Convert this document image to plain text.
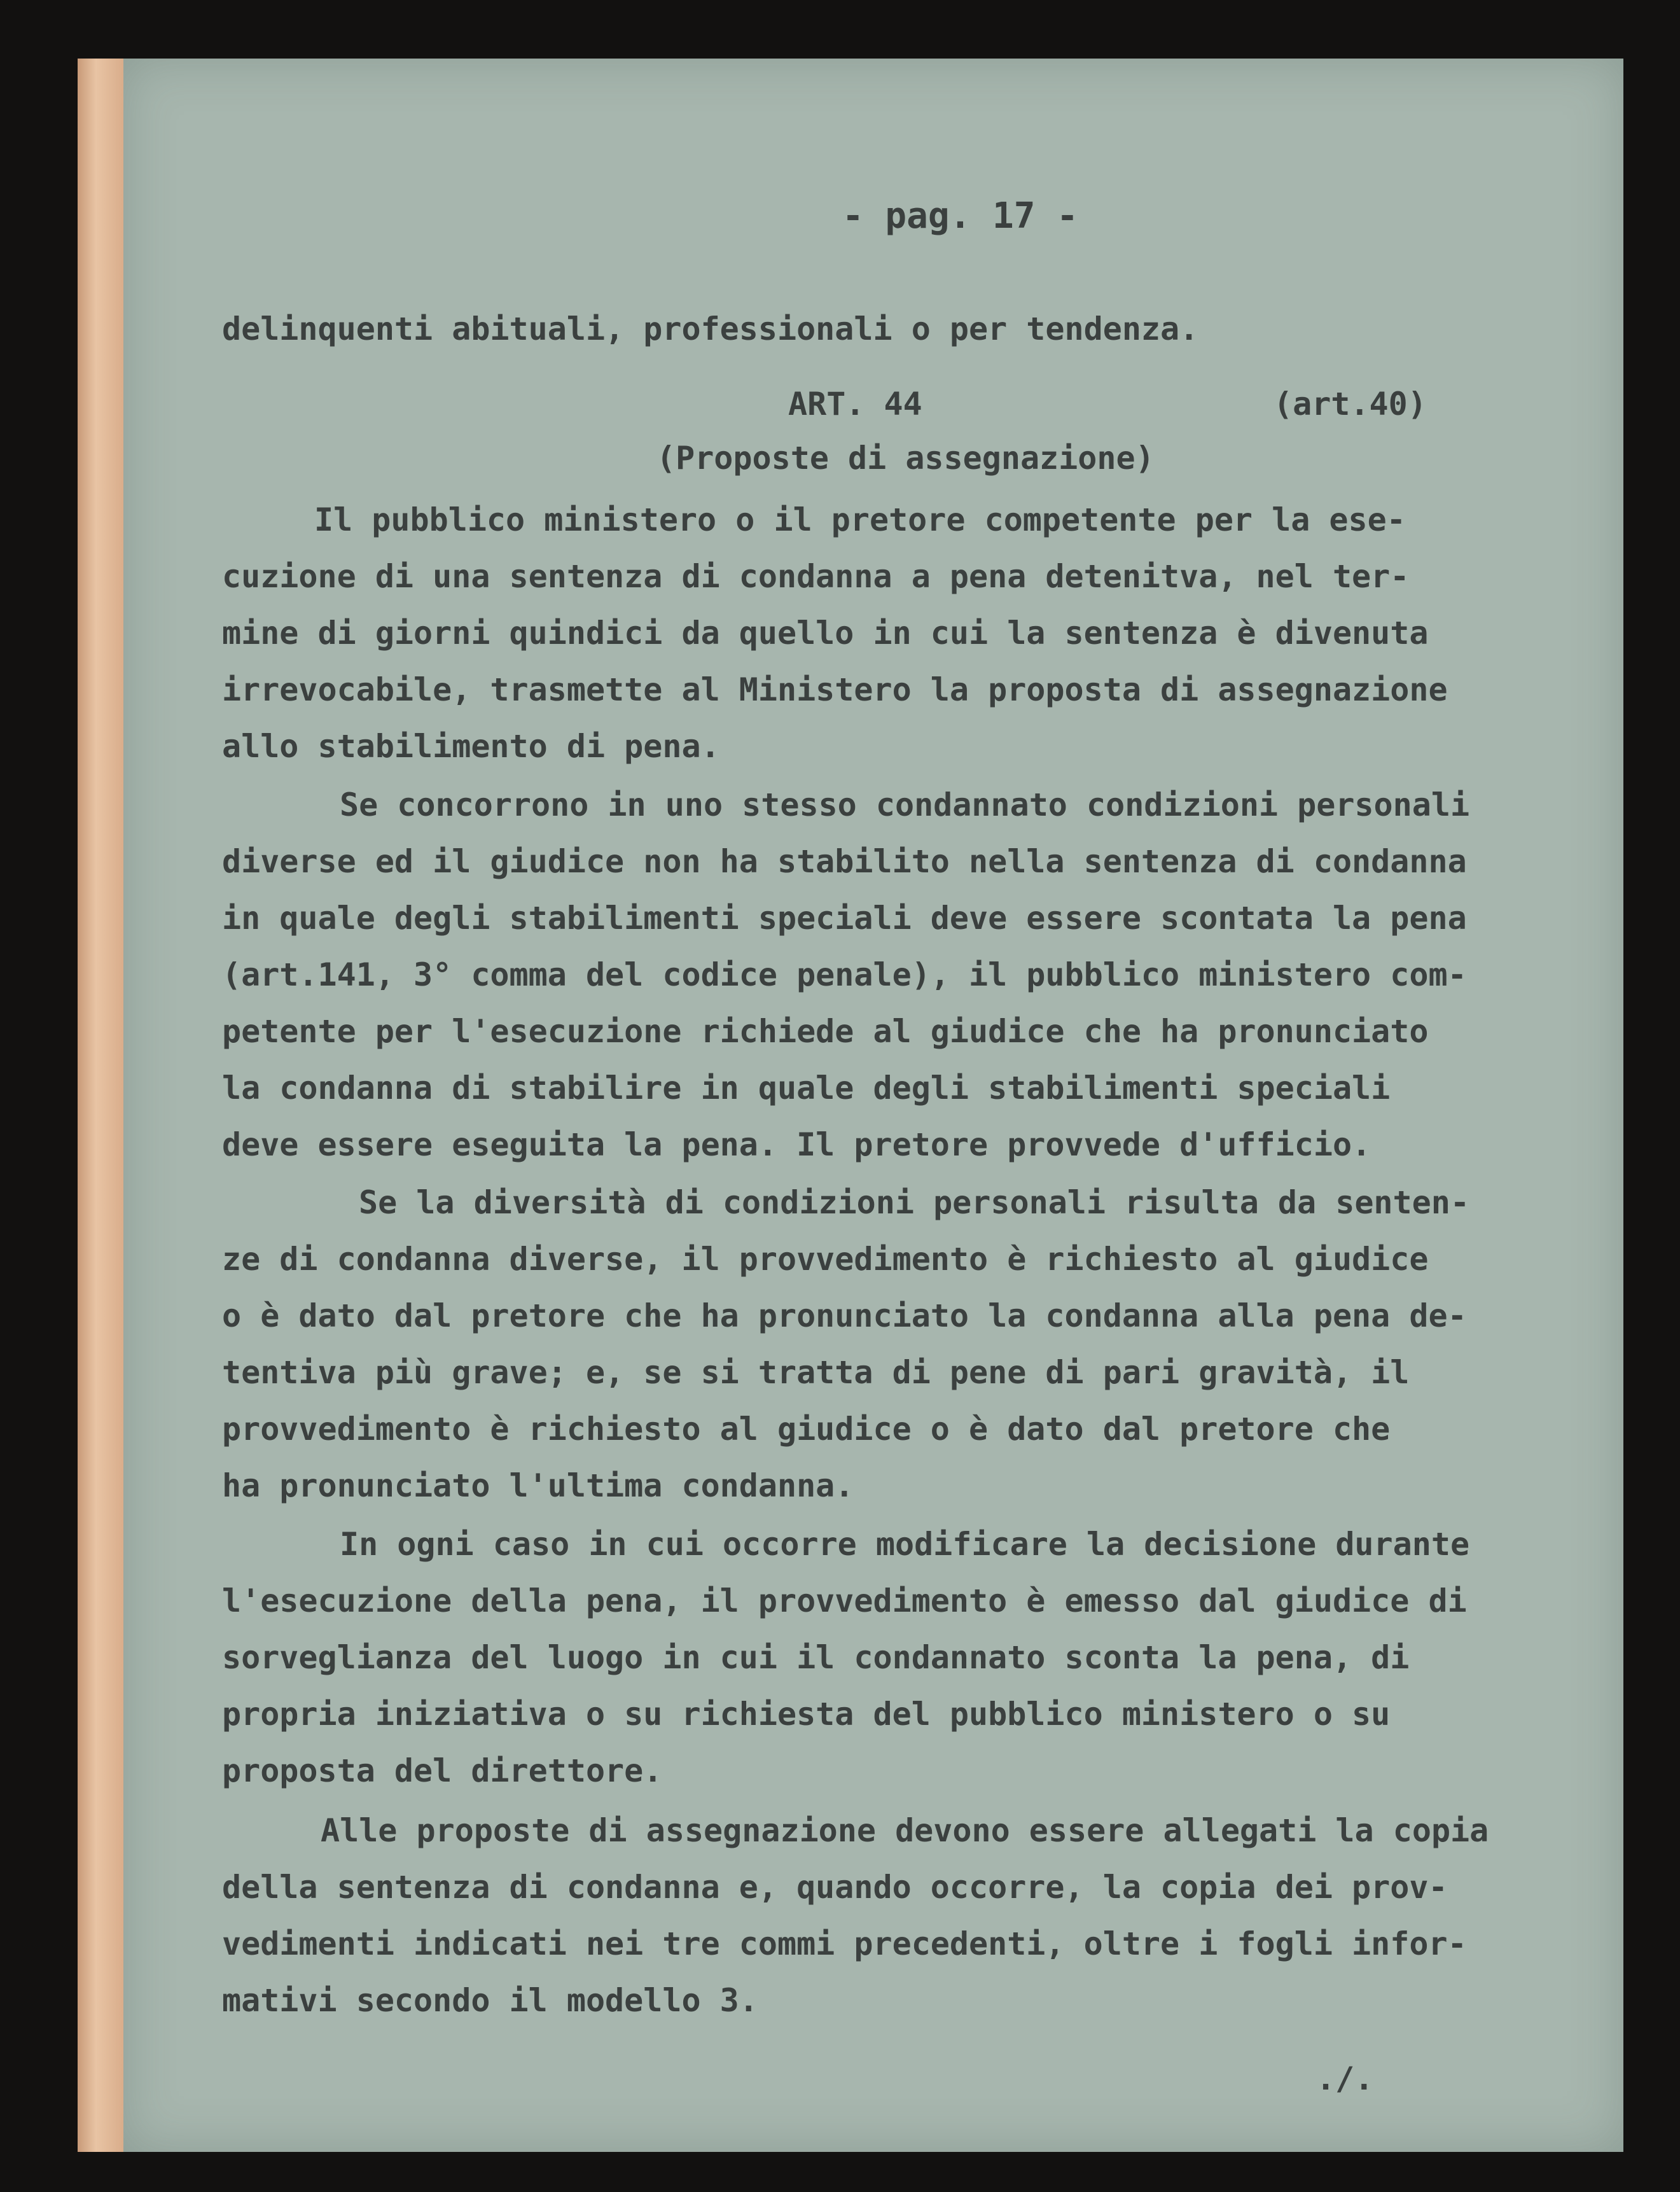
- pag. 17 -
delinquenti abituali, professionali o per tendenza.
ART. 44	(art.40)
(Proposte di assegnazione)
Il pubblico ministero o il pretore competente per la ese-
cuzione di una sentenza di condanna a pena detenitva, nel ter-
mine di giorni quindici da quello in cui la sentenza è divenuta
irrevocabile, trasmette al Ministero la proposta di assegnazione
allo stabilimento di pena.
Se concorrono in uno stesso condannato condizioni personali
diverse ed il giudice non ha stabilito nella sentenza di condanna
in quale degli stabilimenti speciali deve essere scontata la pena
(art.141, 3° comma del codice penale), il pubblico ministero com-
petente per l'esecuzione richiede al giudice che ha pronunciato
la condanna di stabilire in quale degli stabilimenti speciali
deve essere eseguita la pena. Il pretore provvede d'ufficio.
Se la diversità di condizioni personali risulta da senten-
ze di condanna diverse, il provvedimento è richiesto al giudice
o è dato dal pretore che ha pronunciato la condanna alla pena de-
tentiva più grave; e, se si tratta di pene di pari gravità, il
provvedimento è richiesto al giudice o è dato dal pretore che
ha pronunciato l'ultima condanna.
In ogni caso in cui occorre modificare la decisione durante
l'esecuzione della pena, il provvedimento è emesso dal giudice di
sorveglianza del luogo in cui il condannato sconta la pena, di
propria iniziativa o su richiesta del pubblico ministero o su
proposta del direttore.
Alle proposte di assegnazione devono essere allegati la copia
della sentenza di condanna e, quando occorre, la copia dei prov-
vedimenti indicati nei tre commi precedenti, oltre i fogli infor-
mativi secondo il modello 3.
./.
